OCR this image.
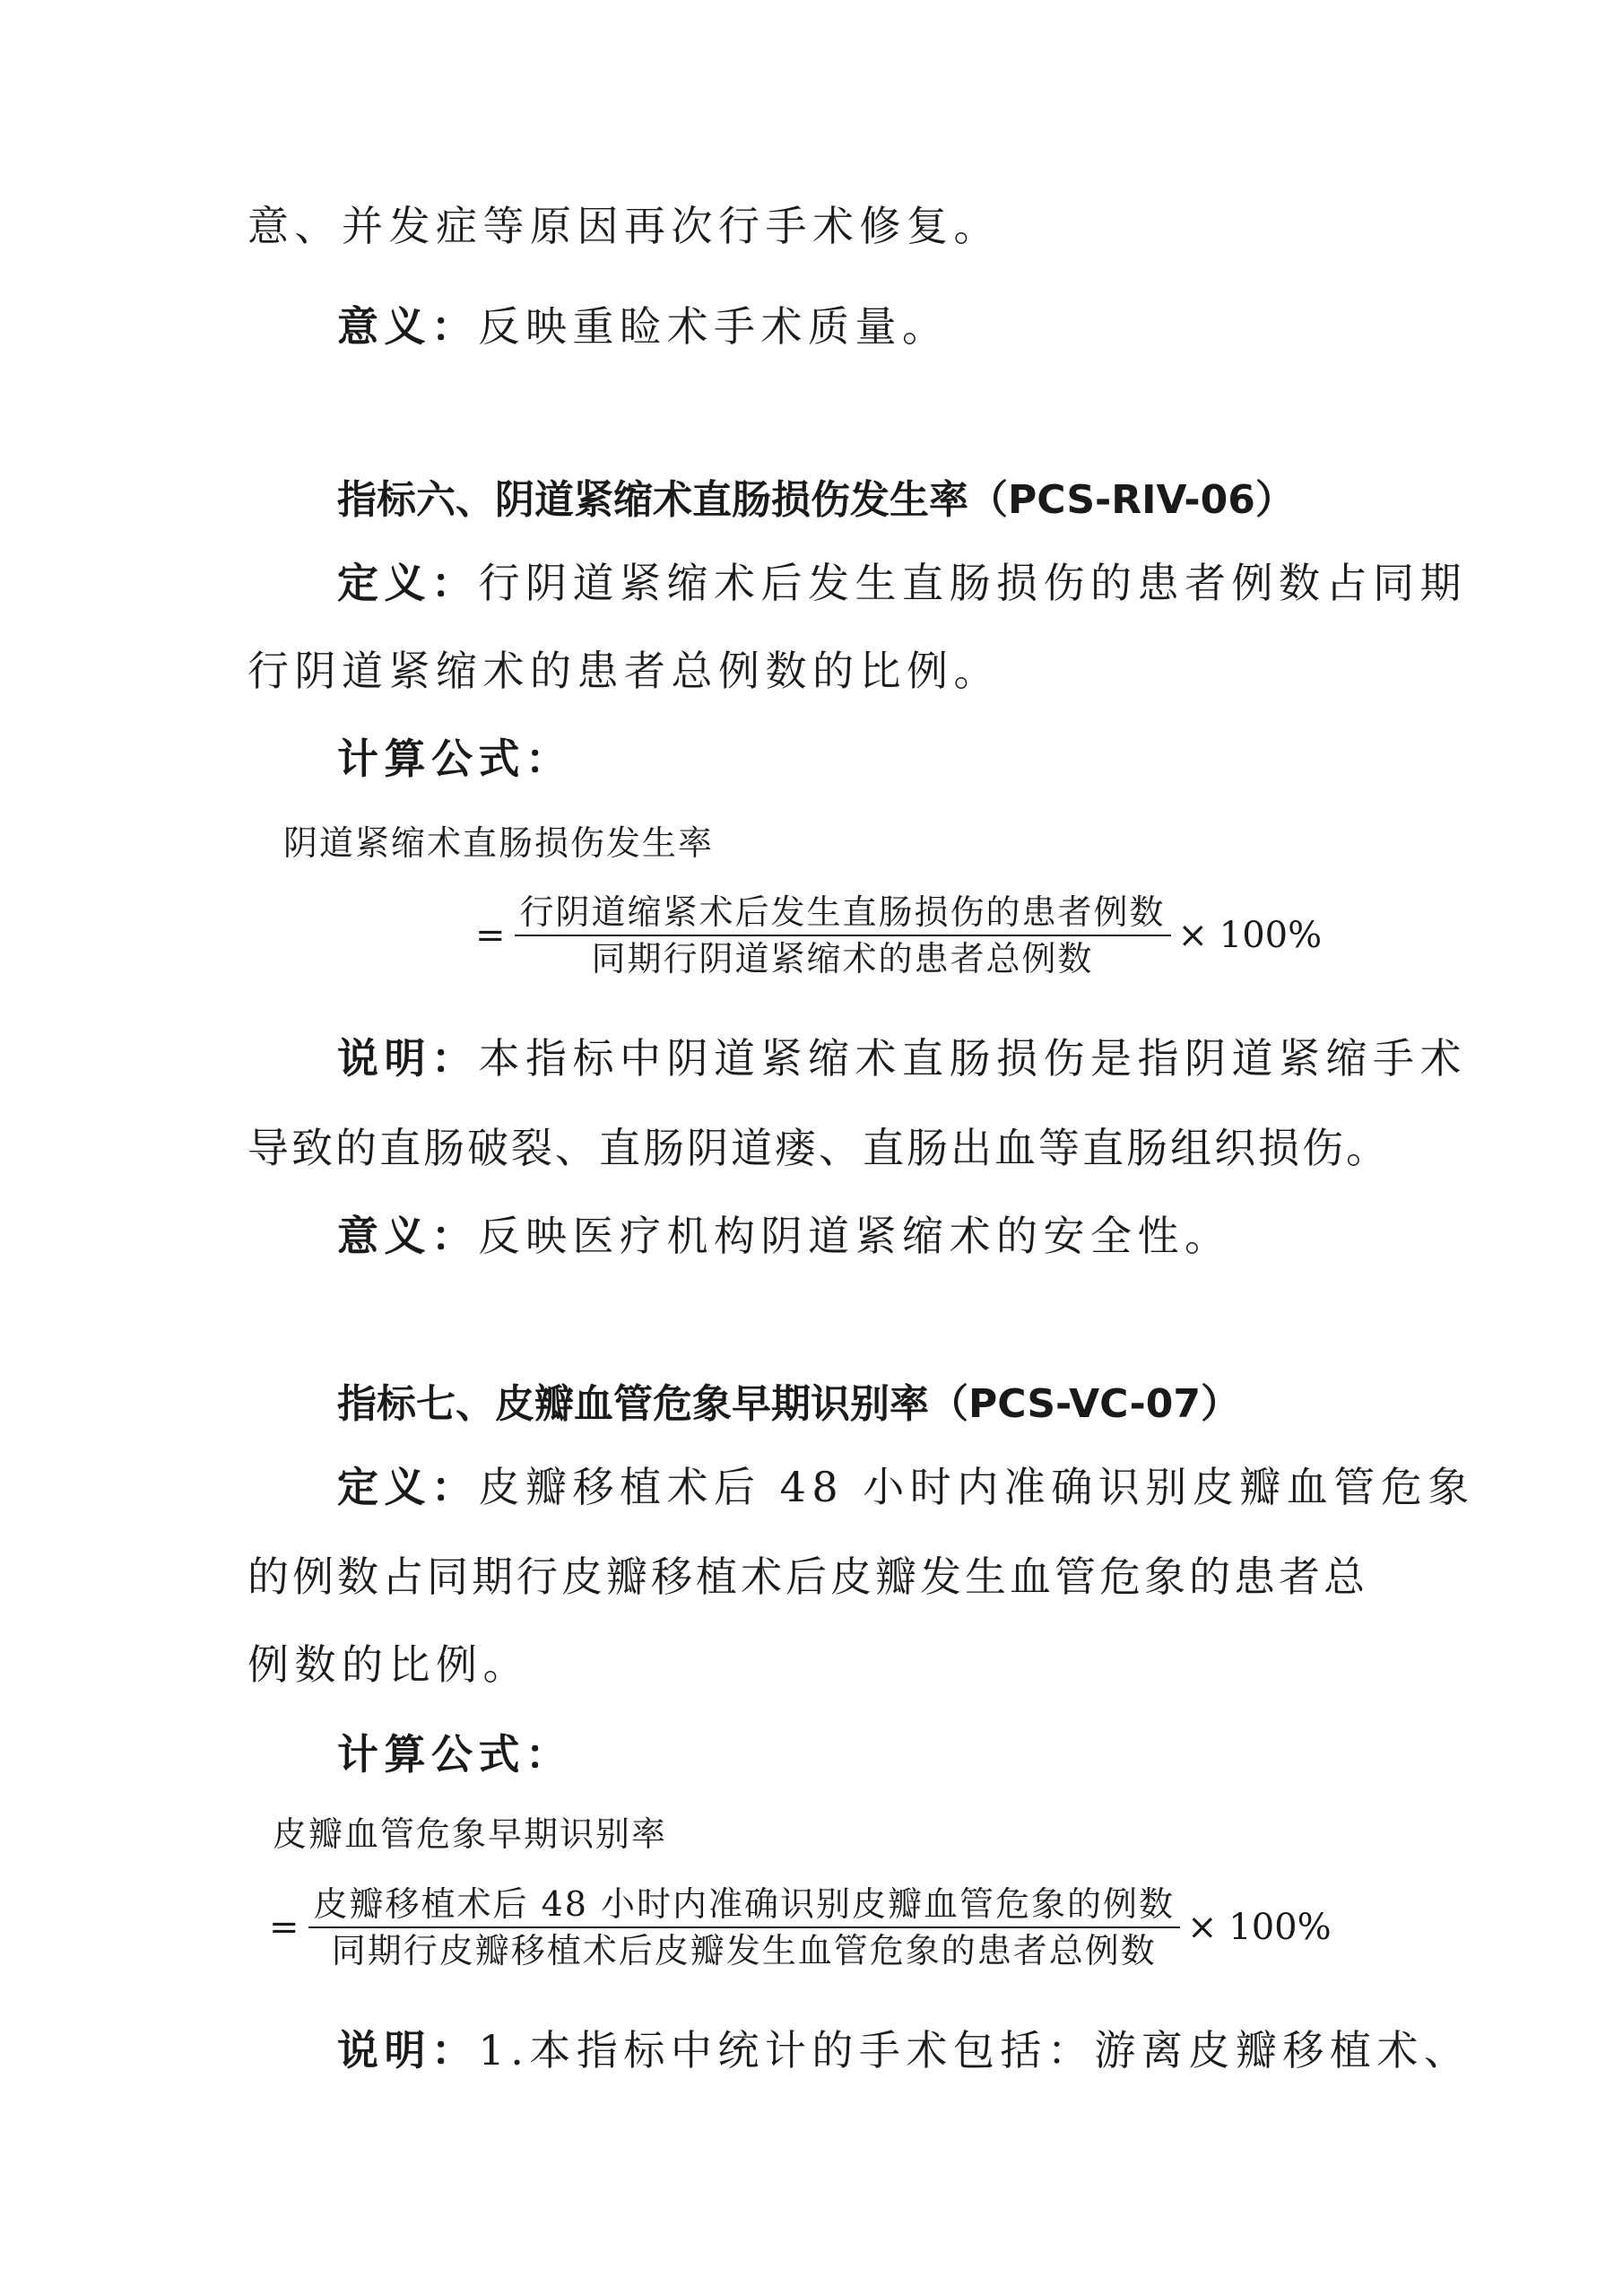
意、并发症等原因再次行手术修复。
意义：反映重睑术手术质量。
指标六、阴道紧缩术直肠损伤发生率（PCS-RIV-06）
定义：行阴道紧缩术后发生直肠损伤的患者例数占同期
行阴道紧缩术的患者总例数的比例。
计算公式：
阴道紧缩术直肠损伤发生率
= $\frac{\text{行阴道缩紧术后发生直肠损伤的患者例数}}{\text{同期行阴道紧缩术的患者总例数}} \times 100\%$
说明：本指标中阴道紧缩术直肠损伤是指阴道紧缩手术
导致的直肠破裂、直肠阴道瘘、直肠出血等直肠组织损伤。
意义：反映医疗机构阴道紧缩术的安全性。
指标七、皮瓣血管危象早期识别率（PCS-VC-07）
定义：皮瓣移植术后 48 小时内准确识别皮瓣血管危象
的例数占同期行皮瓣移植术后皮瓣发生血管危象的患者总
例数的比例。
计算公式：
皮瓣血管危象早期识别率
= $\frac{\text{皮瓣移植术后 48 小时内准确识别皮瓣血管危象的例数}}{\text{同期行皮瓣移植术后皮瓣发生血管危象的患者总例数}} \times 100\%$
说明：1.本指标中统计的手术包括：游离皮瓣移植术、
